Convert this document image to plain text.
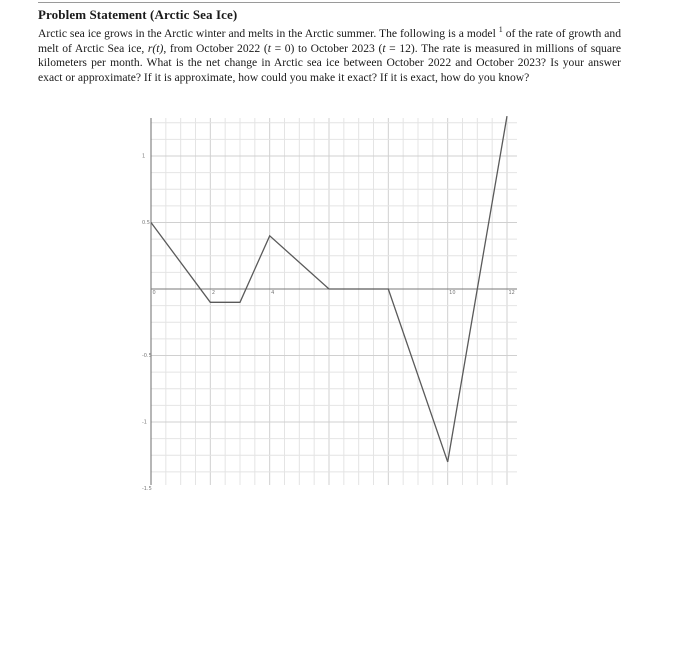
Problem Statement (Arctic Sea Ice)
Arctic sea ice grows in the Arctic winter and melts in the Arctic summer. The following is a model $^1$ of the rate of growth and melt of Arctic Sea ice, r(t), from October 2022 (t = 0) to October 2023 (t = 12). The rate is measured in millions of square kilometers per month. What is the net change in Arctic sea ice between October 2022 and October 2023? Is your answer exact or approximate? If it is approximate, how could you make it exact? If it is exact, how do you know?
0	2	4	10	12
1
0.5
-0.5
-1
-1.5
